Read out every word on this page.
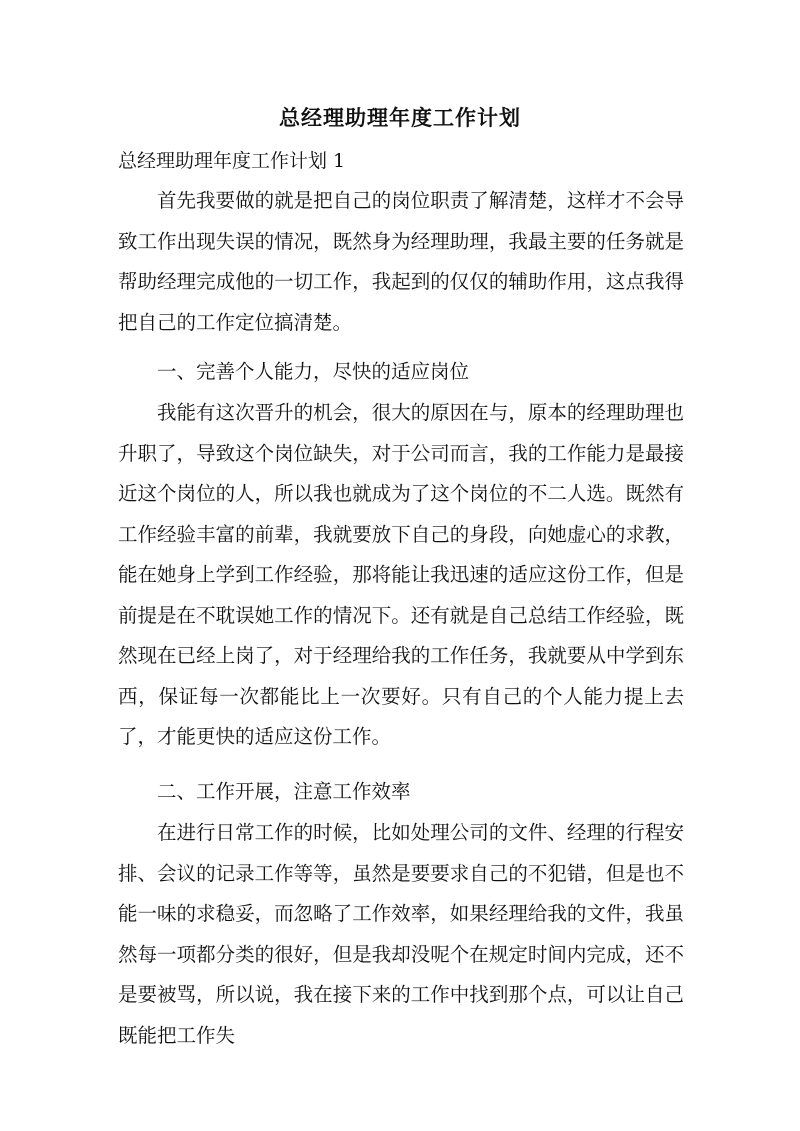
总经理助理年度工作计划
总经理助理年度工作计划 1

首先我要做的就是把自己的岗位职责了解清楚，这样才不会导致工作出现失误的情况，既然身为经理助理，我最主要的任务就是帮助经理完成他的一切工作，我起到的仅仅的辅助作用，这点我得把自己的工作定位搞清楚。

一、完善个人能力，尽快的适应岗位

我能有这次晋升的机会，很大的原因在与，原本的经理助理也升职了，导致这个岗位缺失，对于公司而言，我的工作能力是最接近这个岗位的人，所以我也就成为了这个岗位的不二人选。既然有工作经验丰富的前辈，我就要放下自己的身段，向她虚心的求教，能在她身上学到工作经验，那将能让我迅速的适应这份工作，但是前提是在不耽误她工作的情况下。还有就是自己总结工作经验，既然现在已经上岗了，对于经理给我的工作任务，我就要从中学到东西，保证每一次都能比上一次要好。只有自己的个人能力提上去了，才能更快的适应这份工作。

二、工作开展，注意工作效率

在进行日常工作的时候，比如处理公司的文件、经理的行程安排、会议的记录工作等等，虽然是要要求自己的不犯错，但是也不能一味的求稳妥，而忽略了工作效率，如果经理给我的文件，我虽然每一项都分类的很好，但是我却没呢个在规定时间内完成，还不是要被骂，所以说，我在接下来的工作中找到那个点，可以让自己既能把工作失
